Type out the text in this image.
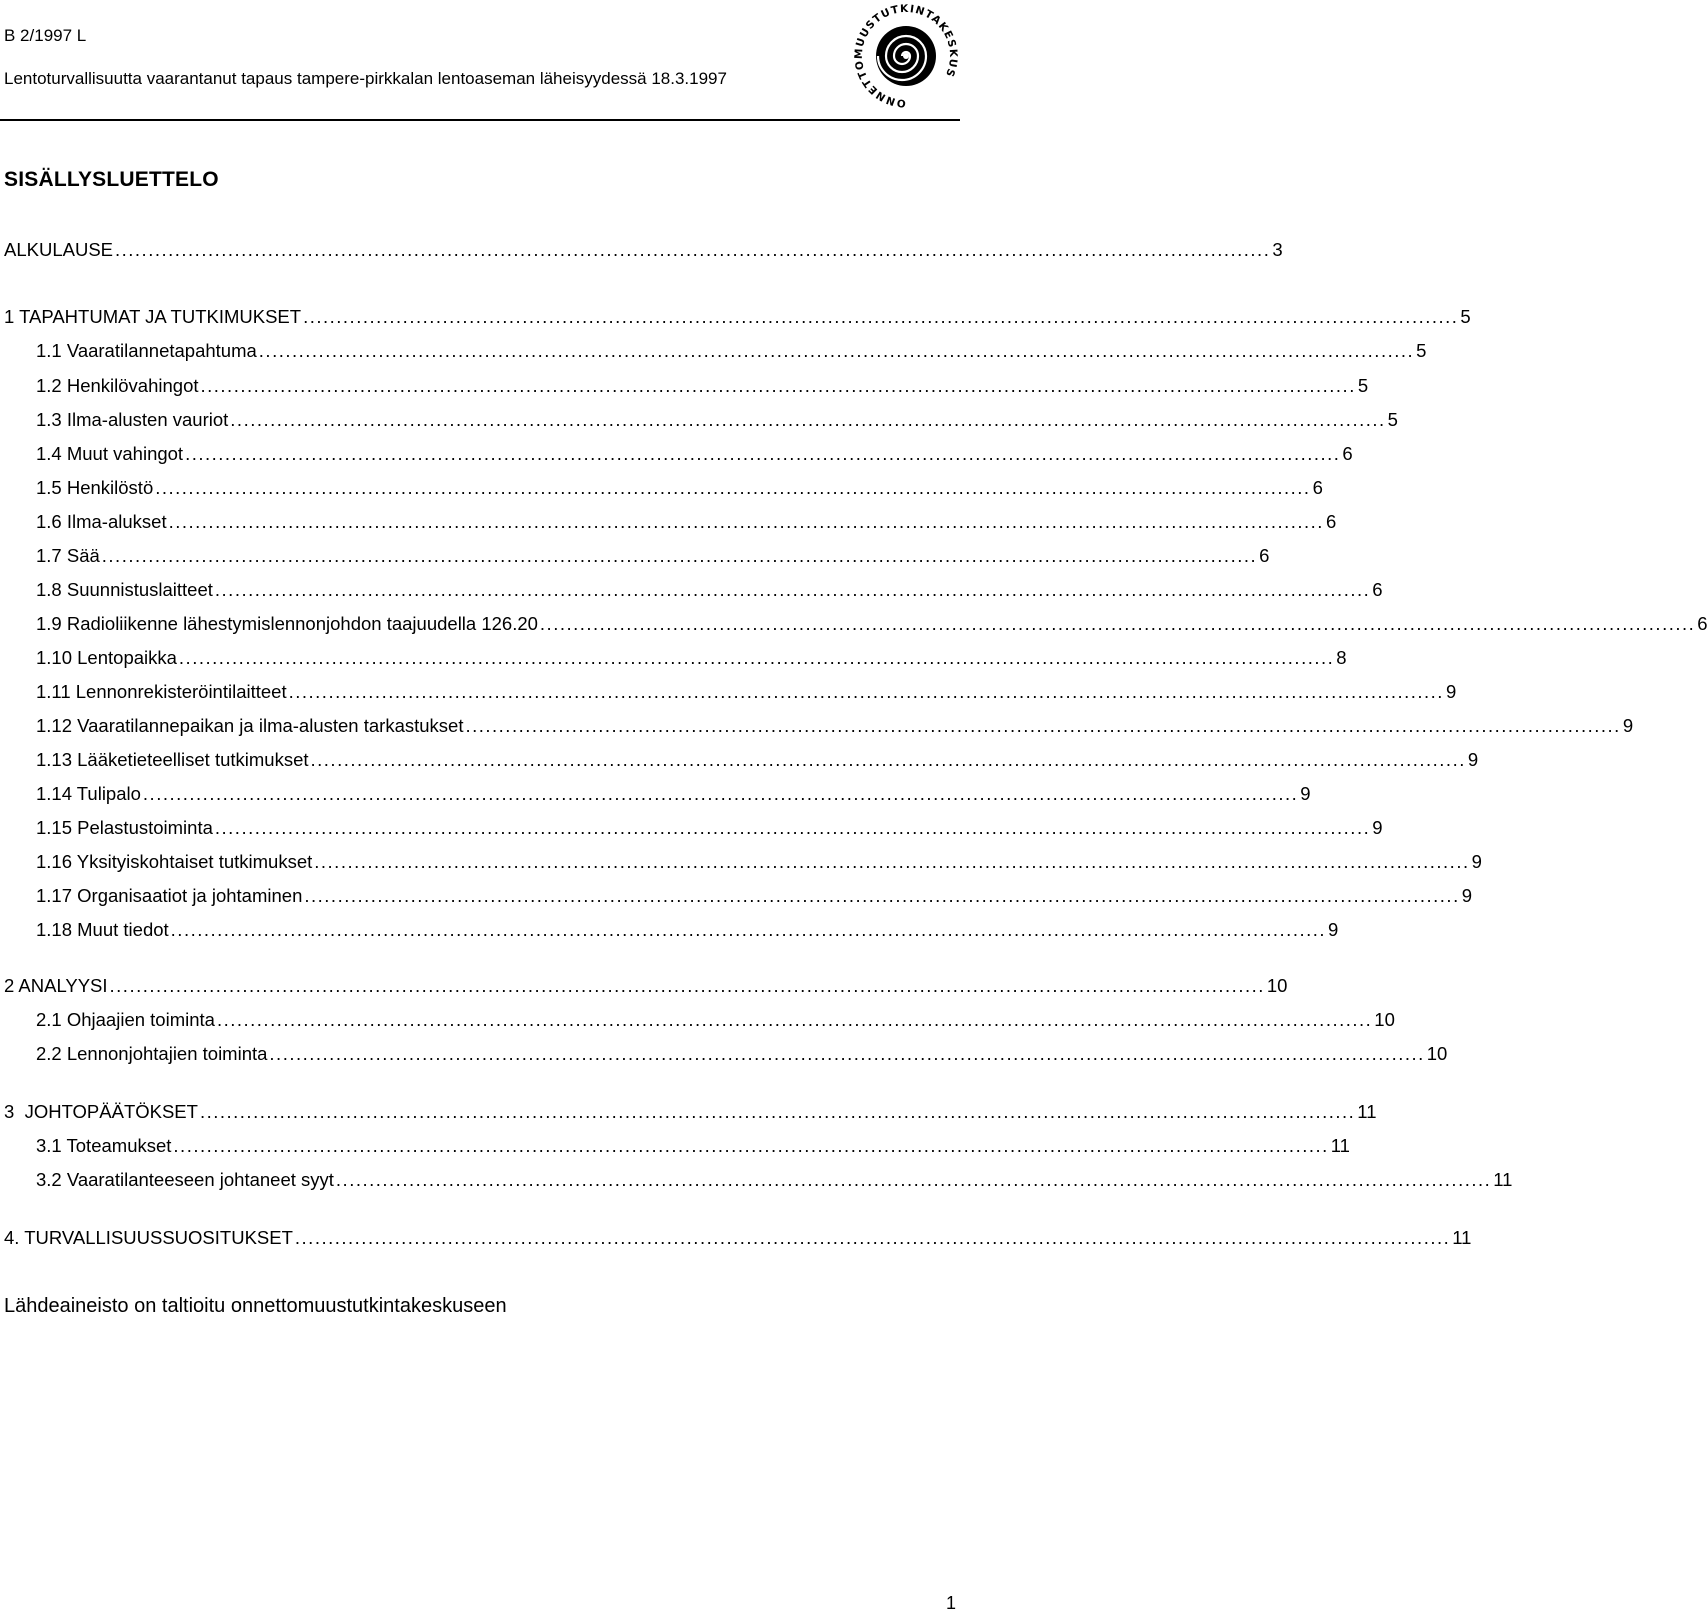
B 2/1997 L
Lentoturvallisuutta vaarantanut tapaus tampere-pirkkalan lentoaseman läheisyydessä 18.3.1997
ONNETTOMUUSTUTKINTAKESKUS
SISÄLLYSLUETTELO
ALKULAUSE .............................................................................................................................................................................. 3
1 TAPAHTUMAT JA TUTKIMUKSET .............................................................................................................................................................................. 5
1.1 Vaaratilannetapahtuma .............................................................................................................................................................................. 5
1.2 Henkilövahingot .............................................................................................................................................................................. 5
1.3 Ilma-alusten vauriot .............................................................................................................................................................................. 5
1.4 Muut vahingot .............................................................................................................................................................................. 6
1.5 Henkilöstö .............................................................................................................................................................................. 6
1.6 Ilma-alukset .............................................................................................................................................................................. 6
1.7 Sää .............................................................................................................................................................................. 6
1.8 Suunnistuslaitteet .............................................................................................................................................................................. 6
1.9 Radioliikenne lähestymislennonjohdon taajuudella 126.20 .............................................................................................................................................................................. 6
1.10 Lentopaikka .............................................................................................................................................................................. 8
1.11 Lennonrekisteröintilaitteet .............................................................................................................................................................................. 9
1.12 Vaaratilannepaikan ja ilma-alusten tarkastukset .............................................................................................................................................................................. 9
1.13 Lääketieteelliset tutkimukset .............................................................................................................................................................................. 9
1.14 Tulipalo .............................................................................................................................................................................. 9
1.15 Pelastustoiminta .............................................................................................................................................................................. 9
1.16 Yksityiskohtaiset tutkimukset .............................................................................................................................................................................. 9
1.17 Organisaatiot ja johtaminen .............................................................................................................................................................................. 9
1.18 Muut tiedot .............................................................................................................................................................................. 9
2 ANALYYSI .............................................................................................................................................................................. 10
2.1 Ohjaajien toiminta .............................................................................................................................................................................. 10
2.2 Lennonjohtajien toiminta .............................................................................................................................................................................. 10
3  JOHTOPÄÄTÖKSET .............................................................................................................................................................................. 11
3.1 Toteamukset .............................................................................................................................................................................. 11
3.2 Vaaratilanteeseen johtaneet syyt .............................................................................................................................................................................. 11
4. TURVALLISUUSSUOSITUKSET .............................................................................................................................................................................. 11
Lähdeaineisto on taltioitu onnettomuustutkintakeskuseen
1
